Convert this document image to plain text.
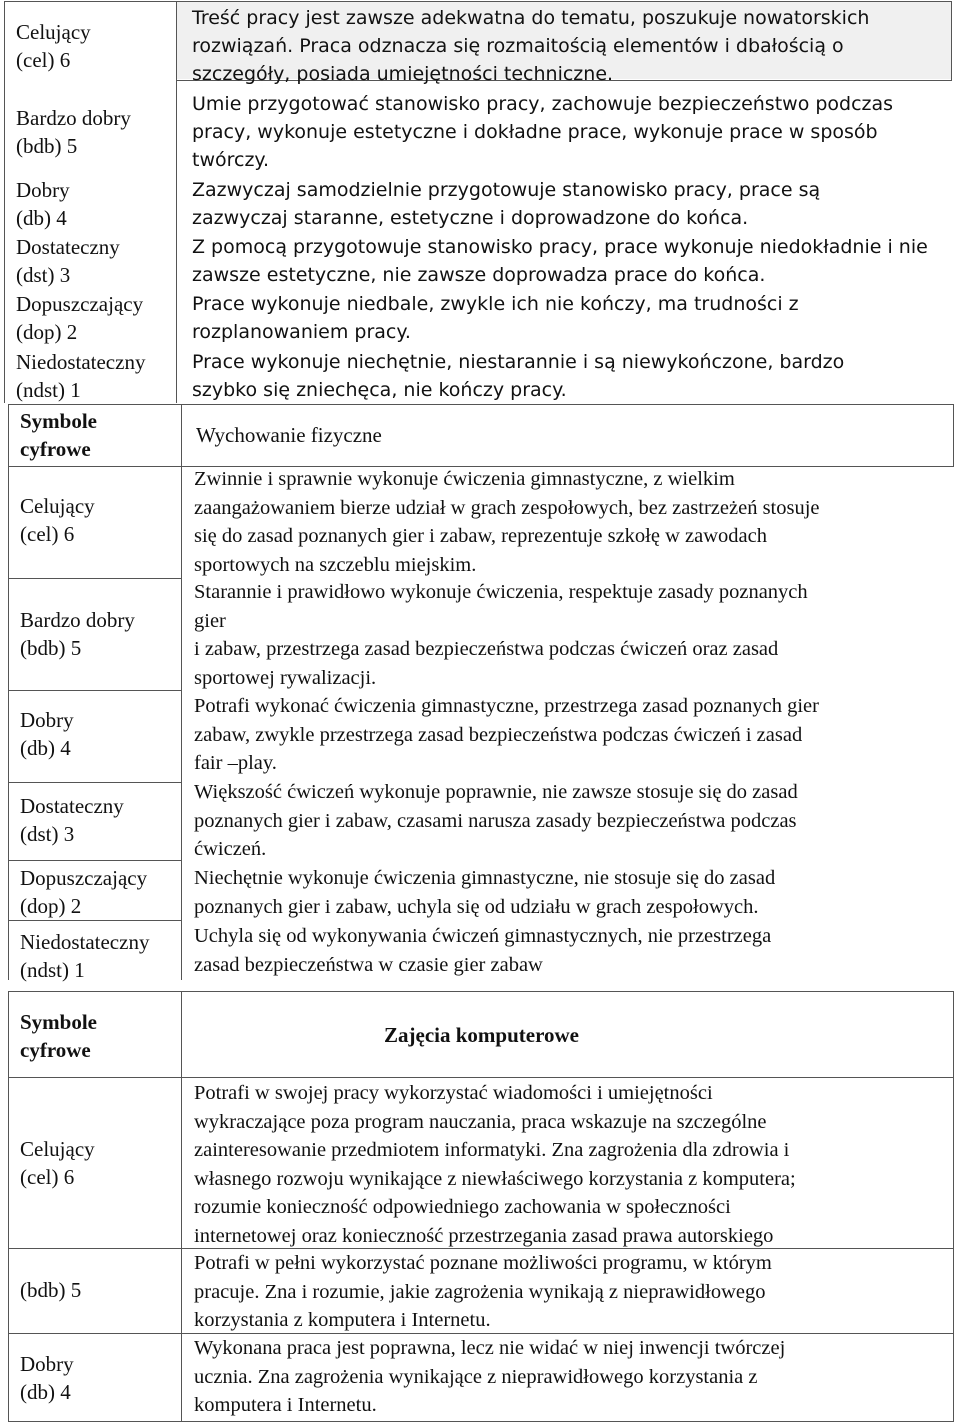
Celujący
(cel) 6
Bardzo dobry
(bdb) 5
Dobry
(db) 4
Dostateczny
(dst) 3
Dopuszczający
(dop) 2
Niedostateczny
(ndst) 1
Treść pracy jest zawsze adekwatna do tematu, poszukuje nowatorskich rozwiązań. Praca odznacza się rozmaitością elementów i dbałością o szczegóły, posiada umiejętności techniczne.
Umie przygotować stanowisko pracy, zachowuje bezpieczeństwo podczas pracy, wykonuje estetyczne i dokładne prace, wykonuje prace w sposób twórczy.
Zazwyczaj samodzielnie przygotowuje stanowisko pracy, prace są zazwyczaj staranne, estetyczne i doprowadzone do końca.
Z pomocą przygotowuje stanowisko pracy, prace wykonuje niedokładnie i nie zawsze estetyczne, nie zawsze doprowadza prace do końca.
Prace wykonuje niedbale, zwykle ich nie kończy, ma trudności z rozplanowaniem pracy.
Prace wykonuje niechętnie, niestarannie i są niewykończone, bardzo szybko się zniechęca, nie kończy pracy.
Symbole
cyfrowe
Wychowanie fizyczne
Celujący
(cel) 6
Bardzo dobry
(bdb) 5
Dobry
(db) 4
Dostateczny
(dst) 3
Dopuszczający
(dop) 2
Niedostateczny
(ndst) 1
Zwinnie i sprawnie wykonuje ćwiczenia gimnastyczne, z wielkim
zaangażowaniem bierze udział w grach zespołowych, bez zastrzeżeń stosuje
się do zasad poznanych gier i zabaw, reprezentuje szkołę w zawodach
sportowych na szczeblu miejskim.
Starannie i prawidłowo wykonuje ćwiczenia, respektuje zasady poznanych
gier
i zabaw, przestrzega zasad bezpieczeństwa podczas ćwiczeń oraz zasad
sportowej rywalizacji.
Potrafi wykonać ćwiczenia gimnastyczne, przestrzega zasad poznanych gier
zabaw, zwykle przestrzega zasad bezpieczeństwa podczas ćwiczeń i zasad
fair –play.
Większość ćwiczeń wykonuje poprawnie, nie zawsze stosuje się do zasad
poznanych gier i zabaw, czasami narusza zasady bezpieczeństwa podczas
ćwiczeń.
Niechętnie wykonuje ćwiczenia gimnastyczne, nie stosuje się do zasad
poznanych gier i zabaw, uchyla się od udziału w grach zespołowych.
Uchyla się od wykonywania ćwiczeń gimnastycznych, nie przestrzega
zasad bezpieczeństwa w czasie gier zabaw
Symbole
cyfrowe
Zajęcia komputerowe
Celujący
(cel) 6
(bdb) 5
Dobry
(db) 4
Potrafi w swojej pracy wykorzystać wiadomości i umiejętności
wykraczające poza program nauczania, praca wskazuje na szczególne
zainteresowanie przedmiotem informatyki. Zna zagrożenia dla zdrowia i
własnego rozwoju wynikające z niewłaściwego korzystania z komputera;
rozumie konieczność odpowiedniego zachowania w społeczności
internetowej oraz konieczność przestrzegania zasad prawa autorskiego
Potrafi w pełni wykorzystać poznane możliwości programu, w którym
pracuje. Zna i rozumie, jakie zagrożenia wynikają z nieprawidłowego
korzystania z komputera i Internetu.
Wykonana praca jest poprawna, lecz nie widać w niej inwencji twórczej
ucznia. Zna zagrożenia wynikające z nieprawidłowego korzystania z
komputera i Internetu.
